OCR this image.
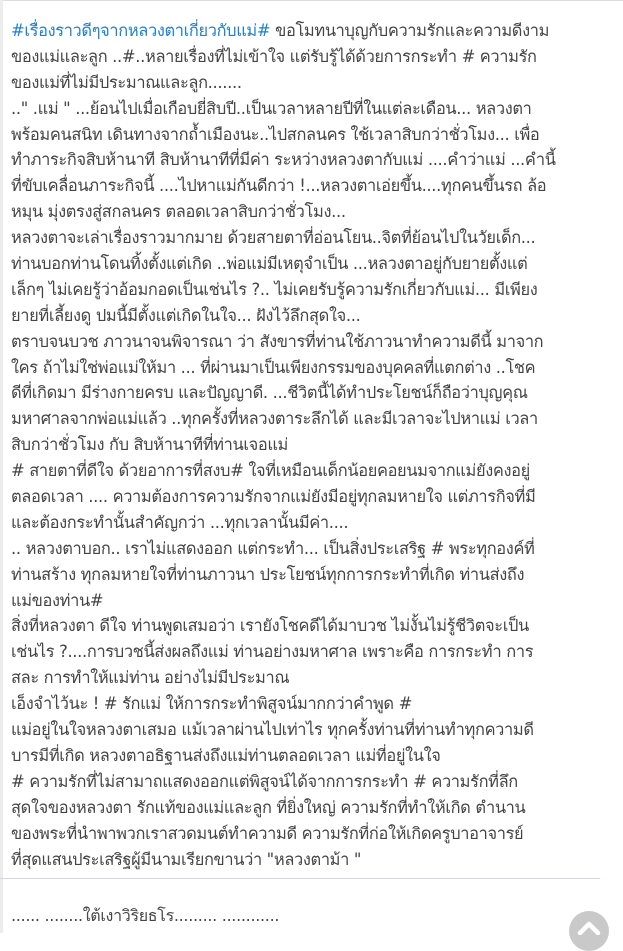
#เรื่องราวดีๆจากหลวงตาเกี่ยวกับแม่# ขอโมทนาบุญกับความรักและความดีงาม
ของแม่และลูก ..#..หลายเรื่องที่ไม่เข้าใจ แต่รับรู้ได้ด้วยการกระทำ # ความรัก
ของแม่ที่ไม่มีประมาณและลูก.......
.." .แม่ " ...ย้อนไปเมื่อเกือบยี่สิบปี..เป็นเวลาหลายปีที่ในแต่ละเดือน... หลวงตา
พร้อมคนสนิท เดินทางจากถ้ำเมืองนะ..ไปสกลนคร ใช้เวลาสิบกว่าชั่วโมง... เพื่อ
ทำภาระกิจสิบห้านาที สิบห้านาทีที่มีค่า ระหว่างหลวงตากับแม่ ....คำว่าแม่ ...คำนี้
ที่ขับเคลื่อนภาระกิจนี้ ....ไปหาแม่กันดีกว่า !...หลวงตาเอ่ยขึ้น....ทุกคนขึ้นรถ ล้อ
หมุน มุ่งตรงสู่สกลนคร ตลอดเวลาสิบกว่าชั่วโมง...
หลวงตาจะเล่าเรื่องราวมากมาย ด้วยสายตาที่อ่อนโยน..จิตที่ย้อนไปในวัยเด็ก...
ท่านบอกท่านโดนทิ้งตั้งแต่เกิด ..พ่อแม่มีเหตุจำเป็น ...หลวงตาอยู่กับยายตั้งแต่
เล็กๆ ไม่เคยรู้ว่าอ้อมกอดเป็นเช่นไร ?.. ไม่เคยรับรู้ความรักเกี่ยวกับแม่... มีเพียง
ยายที่เลี้ยงดู ปมนี้มีตั้งแต่เกิดในใจ... ฝังไว้ลึกสุดใจ...
ตราบจนบวช ภาวนาจนพิจารณา ว่า สังขารที่ท่านใช้ภาวนาทำความดีนี้ มาจาก
ใคร ถ้าไม่ใช่พ่อแม่ให้มา ... ที่ผ่านมาเป็นเพียงกรรมของบุคคลที่แตกต่าง ..โชค
ดีที่เกิดมา มีร่างกายครบ และปัญญาดี. ...ชีวิตนี้ได้ทำประโยชน์ก็ถือว่าบุญคุณ
มหาศาลจากพ่อแม่แล้ว ..ทุกครั้งที่หลวงตาระลึกได้ และมีเวลาจะไปหาแม่ เวลา
สิบกว่าชั่วโมง กับ สิบห้านาทีที่ท่านเจอแม่
# สายตาที่ดีใจ ด้วยอาการที่สงบ# ใจที่เหมือนเด็กน้อยคอยนมจากแม่ยังคงอยู่
ตลอดเวลา .... ความต้องการความรักจากแม่ยังมีอยู่ทุกลมหายใจ แต่ภารกิจที่มี
และต้องกระทำนั้นสำคัญกว่า ...ทุกเวลานั้นมีค่า....
.. หลวงตาบอก.. เราไม่แสดงออก แต่กระทำ... เป็นสิ่งประเสริฐ # พระทุกองค์ที่
ท่านสร้าง ทุกลมหายใจที่ท่านภาวนา ประโยชน์ทุกการกระทำที่เกิด ท่านส่งถึง
แม่ของท่าน#
สิ่งที่หลวงตา ดีใจ ท่านพูดเสมอว่า เรายังโชคดีได้มาบวช ไม่งั้นไม่รู้ชีวิตจะเป็น
เช่นไร ?....การบวชนี้ส่งผลถึงแม่ ท่านอย่างมหาศาล เพราะคือ การกระทำ การ
สละ การทำให้แม่ท่าน อย่างไม่มีประมาณ
เอ็งจำไว้นะ ! # รักแม่ ให้การกระทำพิสูจน์มากกว่าคำพูด #
แม่อยู่ในใจหลวงตาเสมอ แม้เวลาผ่านไปเท่าไร ทุกครั้งท่านที่ท่านทำทุกความดี
บารมีที่เกิด หลวงตาอธิฐานส่งถึงแม่ท่านตลอดเวลา แม่ที่อยู่ในใจ
# ความรักที่ไม่สามาถแสดงออกแต่พิสูจน์ได้จากการกระทำ # ความรักที่ลึก
สุดใจของหลวงตา รักแท้ของแม่และลูก ที่ยิ่งใหญ่ ความรักที่ทำให้เกิด ตำนาน
ของพระที่นำพาพวกเราสวดมนต์ทำความดี ความรักที่ก่อให้เกิดครูบาอาจารย์
ที่สุดแสนประเสริฐผู้มีนามเรียกขานว่า "หลวงตาม้า "
...... ........ใต้เงาวิริยธโร......... ............
